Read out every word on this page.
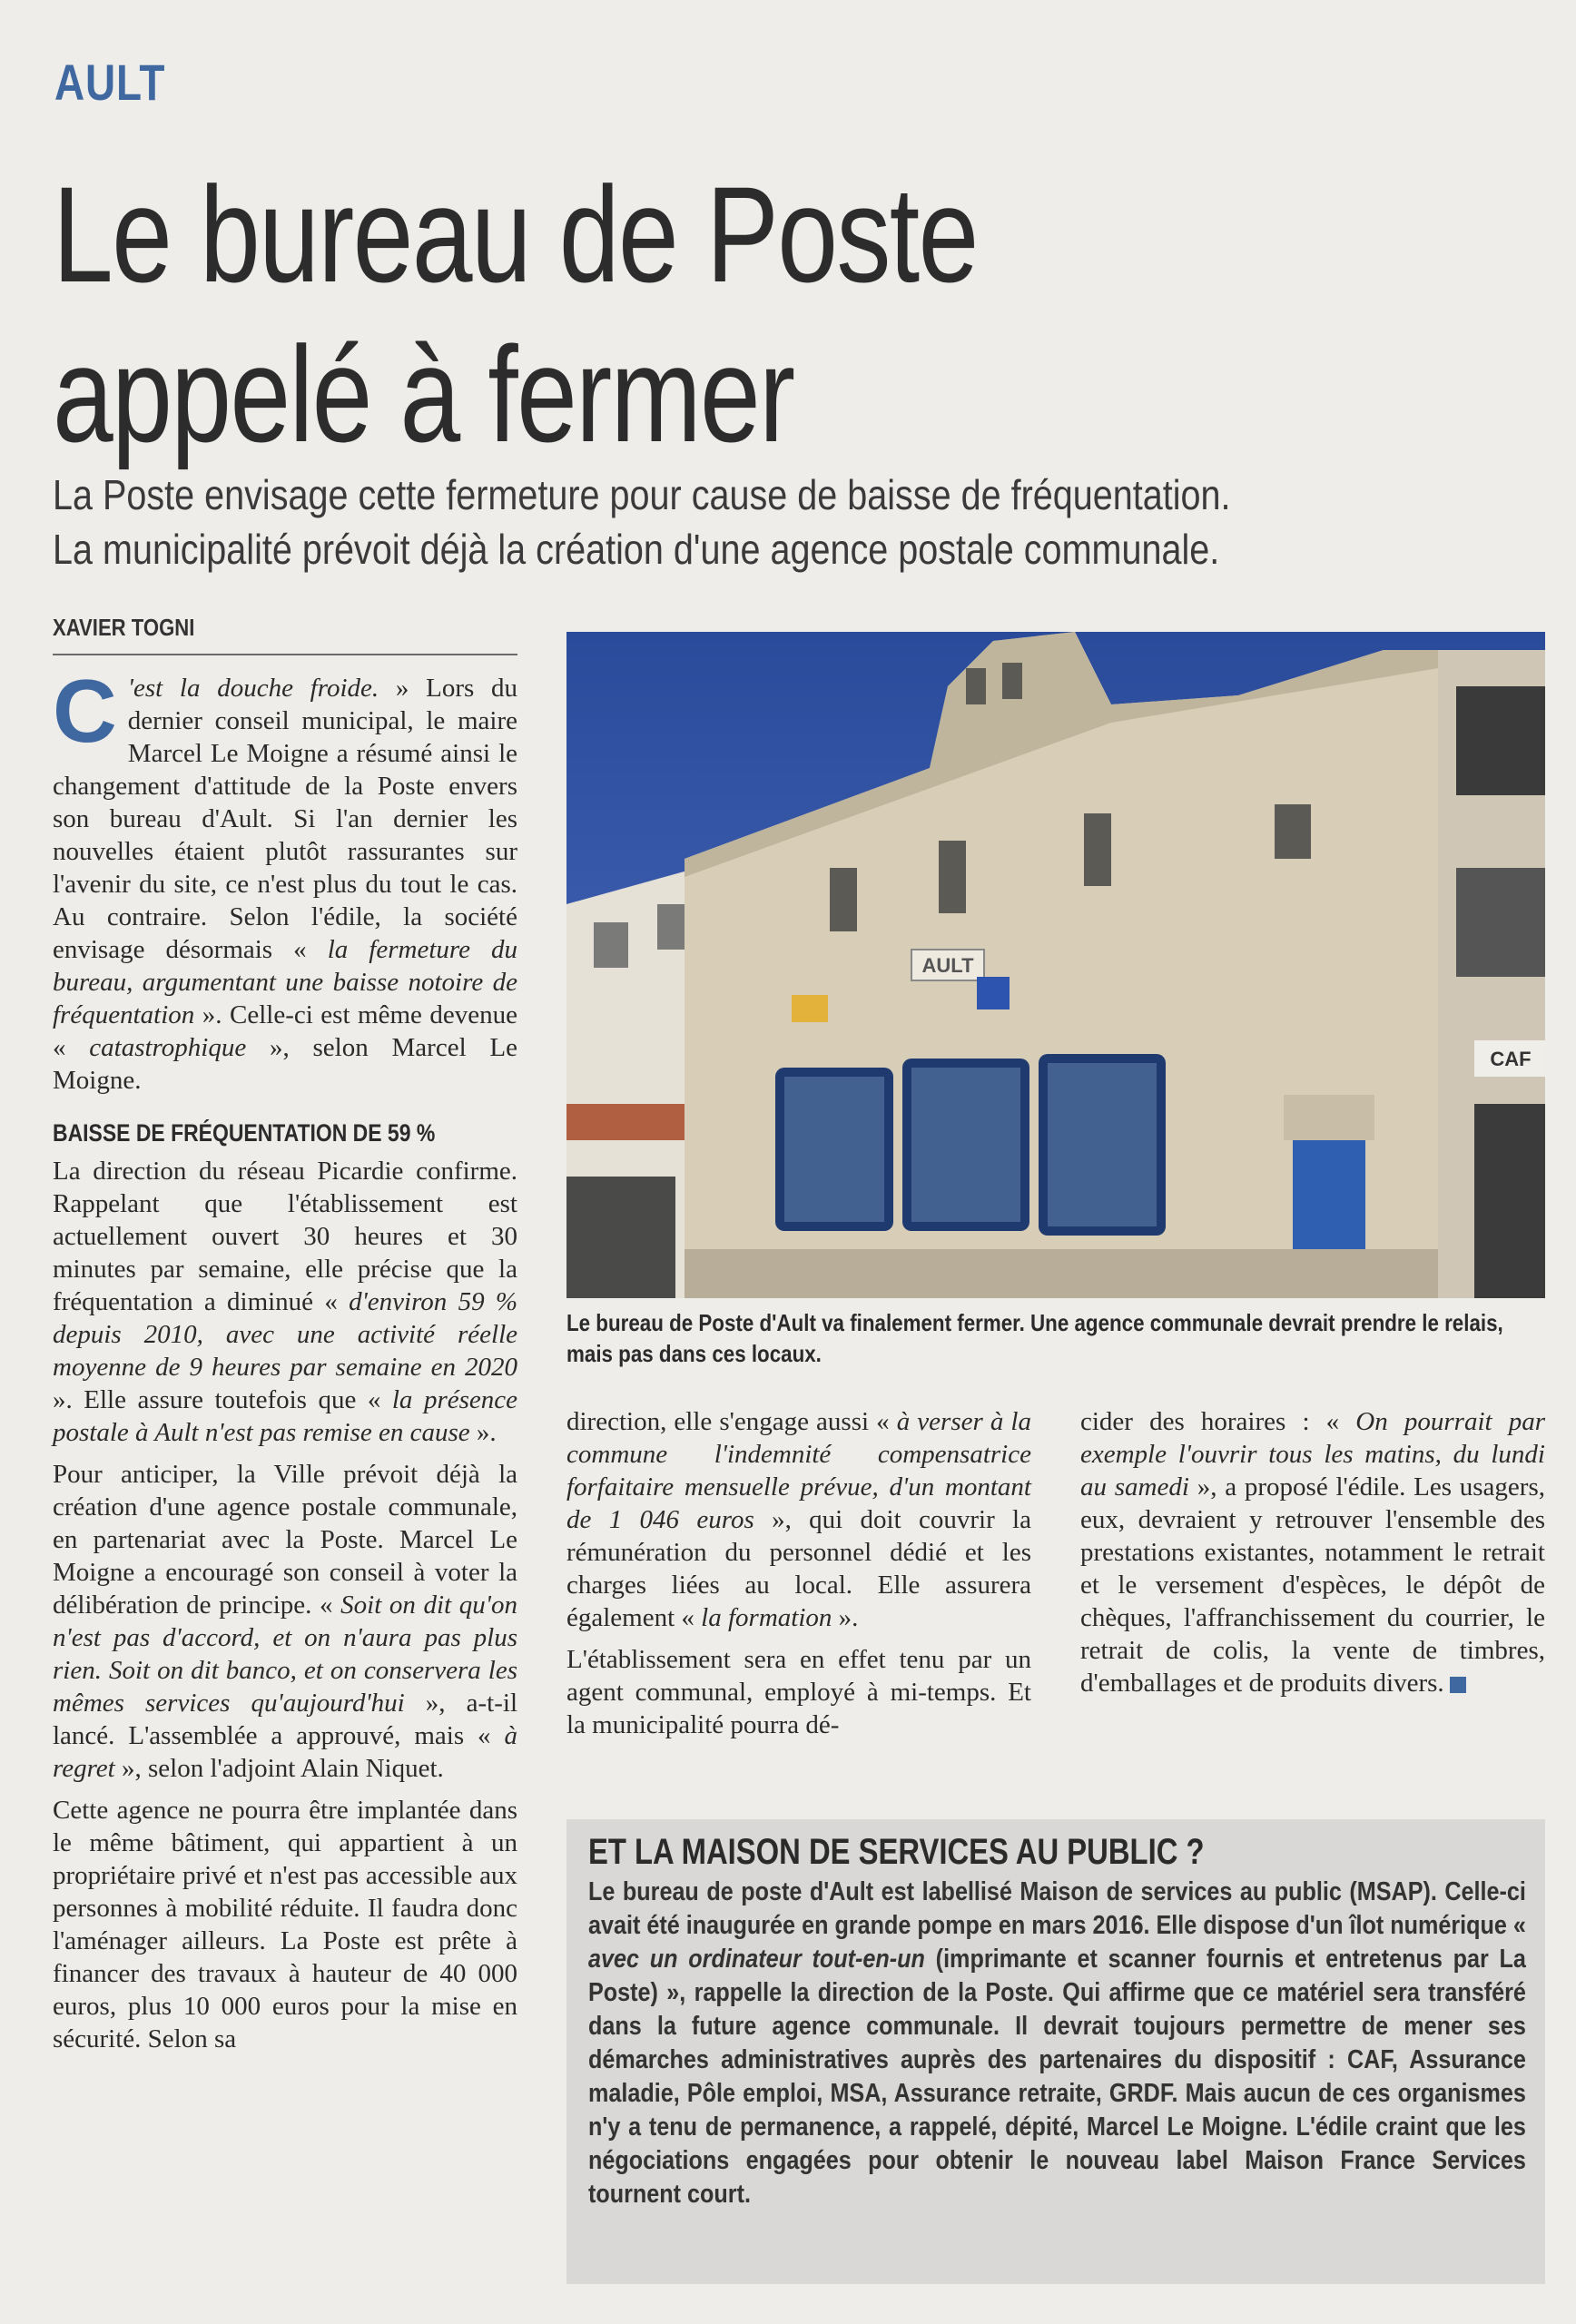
AULT
Le bureau de Poste
appelé à fermer
La Poste envisage cette fermeture pour cause de baisse de fréquentation.
La municipalité prévoit déjà la création d'une agence postale communale.
XAVIER TOGNI

C 'est la douche froide. » Lors du dernier conseil municipal, le maire Marcel Le Moigne a résumé ainsi le changement d'attitude de la Poste envers son bureau d'Ault. Si l'an dernier les nouvelles étaient plutôt rassurantes sur l'avenir du site, ce n'est plus du tout le cas. Au contraire. Selon l'édile, la société envisage désormais « la fermeture du bureau, argumentant une baisse notoire de fréquentation ». Celle-ci est même devenue « catastrophique », selon Marcel Le Moigne.

BAISSE DE FRÉQUENTATION DE 59 %

La direction du réseau Picardie confirme. Rappelant que l'établissement est actuellement ouvert 30 heures et 30 minutes par semaine, elle précise que la fréquentation a diminué « d'environ 59 % depuis 2010, avec une activité réelle moyenne de 9 heures par semaine en 2020 ». Elle assure toutefois que « la présence postale à Ault n'est pas remise en cause ».

Pour anticiper, la Ville prévoit déjà la création d'une agence postale communale, en partenariat avec la Poste. Marcel Le Moigne a encouragé son conseil à voter la délibération de principe. « Soit on dit qu'on n'est pas d'accord, et on n'aura pas plus rien. Soit on dit banco, et on conservera les mêmes services qu'aujourd'hui », a-t-il lancé. L'assemblée a approuvé, mais « à regret », selon l'adjoint Alain Niquet.

Cette agence ne pourra être implantée dans le même bâtiment, qui appartient à un propriétaire privé et n'est pas accessible aux personnes à mobilité réduite. Il faudra donc l'aménager ailleurs. La Poste est prête à financer des travaux à hauteur de 40 000 euros, plus 10 000 euros pour la mise en sécurité. Selon sa

AULT
CAF
Le bureau de Poste d'Ault va finalement fermer. Une agence communale devrait prendre le relais, mais pas dans ces locaux.

direction, elle s'engage aussi « à verser à la commune l'indemnité compensatrice forfaitaire mensuelle prévue, d'un montant de 1 046 euros », qui doit couvrir la rémunération du personnel dédié et les charges liées au local. Elle assurera également « la formation ».

L'établissement sera en effet tenu par un agent communal, employé à mi-temps. Et la municipalité pourra dé-

cider des horaires : « On pourrait par exemple l'ouvrir tous les matins, du lundi au samedi », a proposé l'édile. Les usagers, eux, devraient y retrouver l'ensemble des prestations existantes, notamment le retrait et le versement d'espèces, le dépôt de chèques, l'affranchissement du courrier, le retrait de colis, la vente de timbres, d'emballages et de produits divers.

ET LA MAISON DE SERVICES AU PUBLIC ?
Le bureau de poste d'Ault est labellisé Maison de services au public (MSAP). Celle-ci avait été inaugurée en grande pompe en mars 2016. Elle dispose d'un îlot numérique « avec un ordinateur tout-en-un (imprimante et scanner fournis et entretenus par La Poste) », rappelle la direction de la Poste. Qui affirme que ce matériel sera transféré dans la future agence communale. Il devrait toujours permettre de mener ses démarches administratives auprès des partenaires du dispositif : CAF, Assurance maladie, Pôle emploi, MSA, Assurance retraite, GRDF. Mais aucun de ces organismes n'y a tenu de permanence, a rappelé, dépité, Marcel Le Moigne. L'édile craint que les négociations engagées pour obtenir le nouveau label Maison France Services tournent court.
